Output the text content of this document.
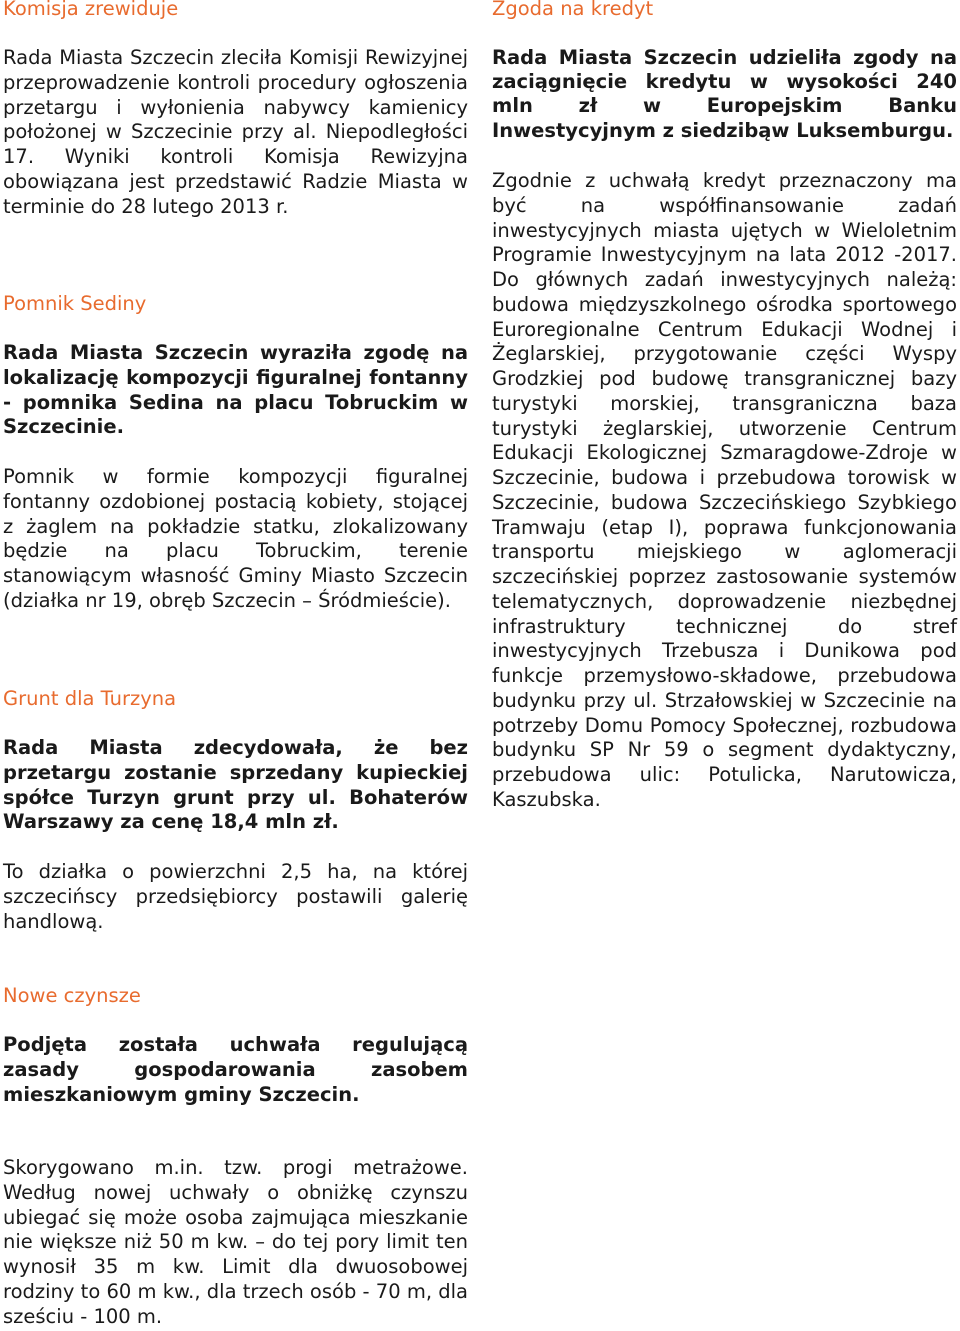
Komisja zrewiduje

Rada Miasta Szczecin zleciła Komisji Rewizyjnej przeprowadzenie kontroli procedury ogłoszenia przetargu i wyłonienia nabywcy kamienicy położonej w Szczecinie przy al. Niepodległości 17. Wyniki kontroli Komisja Rewizyjna obowiązana jest przedstawić Radzie Miasta w terminie do 28 lutego 2013 r.

Pomnik Sediny

Rada Miasta Szczecin wyraziła zgodę na lokalizację kompozycji figuralnej fontanny - pomnika Sedina na placu Tobruckim w Szczecinie.

Pomnik w formie kompozycji figuralnej fontanny ozdobionej postacią kobiety, stojącej z żaglem na pokładzie statku, zlokalizowany będzie na placu Tobruckim, terenie stanowiącym własność Gminy Miasto Szczecin (działka nr 19, obręb Szczecin – Śródmieście).

Grunt dla Turzyna

Rada Miasta zdecydowała, że bez przetargu zostanie sprzedany kupieckiej spółce Turzyn grunt przy ul. Bohaterów Warszawy za cenę 18,4 mln zł.

To działka o powierzchni 2,5 ha, na której szczecińscy przedsiębiorcy postawili galerię handlową.

Nowe czynsze

Podjęta została uchwała regulującą zasady gospodarowania zasobem mieszkaniowym gminy Szczecin.

Skorygowano m.in. tzw. progi metrażowe. Według nowej uchwały o obniżkę czynszu ubiegać się może osoba zajmująca mieszkanie nie większe niż 50 m kw. – do tej pory limit ten wynosił 35 m kw. Limit dla dwuosobowej rodziny to 60 m kw., dla trzech osób - 70 m, dla sześciu - 100 m.

Zgoda na kredyt

Rada Miasta Szczecin udzieliła zgody na zaciągnięcie kredytu w wysokości 240 mln zł w Europejskim Banku Inwestycyjnym z siedzibąw Luksemburgu.

Zgodnie z uchwałą kredyt przeznaczony ma być na współfinansowanie zadań inwestycyjnych miasta ujętych w Wieloletnim Programie Inwestycyjnym na lata 2012 -2017. Do głównych zadań inwestycyjnych należą: budowa międzyszkolnego ośrodka sportowego Euroregionalne Centrum Edukacji Wodnej i Żeglarskiej, przygotowanie części Wyspy Grodzkiej pod budowę transgranicznej bazy turystyki morskiej, transgraniczna baza turystyki żeglarskiej, utworzenie Centrum Edukacji Ekologicznej Szmaragdowe-Zdroje w Szczecinie, budowa i przebudowa torowisk w Szczecinie, budowa Szczecińskiego Szybkiego Tramwaju (etap I), poprawa funkcjonowania transportu miejskiego w aglomeracji szczecińskiej poprzez zastosowanie systemów telematycznych, doprowadzenie niezbędnej infrastruktury technicznej do stref inwestycyjnych Trzebusza i Dunikowa pod funkcje przemysłowo-składowe, przebudowa budynku przy ul. Strzałowskiej w Szczecinie na potrzeby Domu Pomocy Społecznej, rozbudowa budynku SP Nr 59 o segment dydaktyczny, przebudowa ulic: Potulicka, Narutowicza, Kaszubska.
